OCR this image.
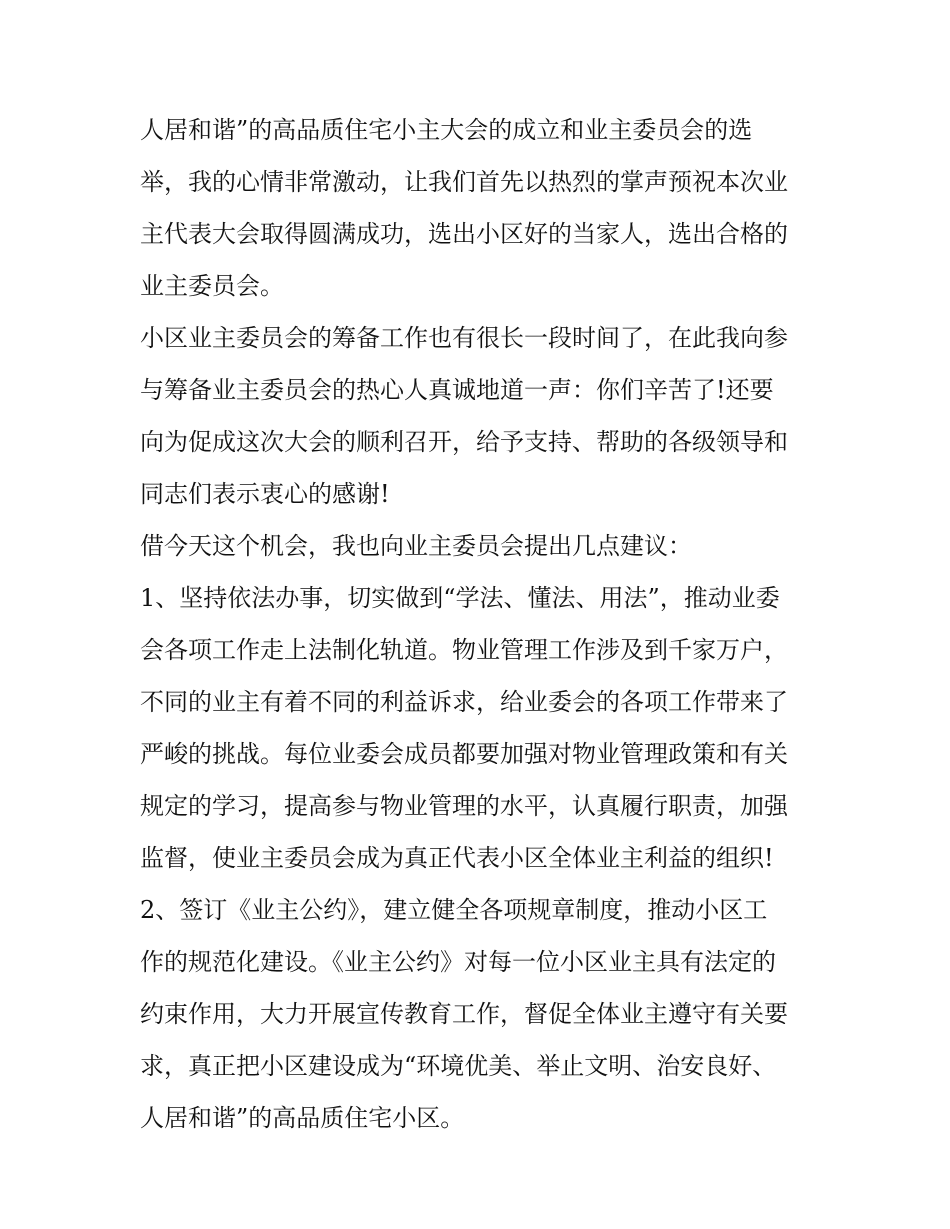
人居和谐”的高品质住宅小主大会的成立和业主委员会的选
举，我的心情非常激动，让我们首先以热烈的掌声预祝本次业
主代表大会取得圆满成功，选出小区好的当家人，选出合格的
业主委员会。
小区业主委员会的筹备工作也有很长一段时间了，在此我向参
与筹备业主委员会的热心人真诚地道一声：你们辛苦了!还要
向为促成这次大会的顺利召开，给予支持、帮助的各级领导和
同志们表示衷心的感谢!
借今天这个机会，我也向业主委员会提出几点建议：
1、坚持依法办事，切实做到“学法、懂法、用法”，推动业委
会各项工作走上法制化轨道。物业管理工作涉及到千家万户，
不同的业主有着不同的利益诉求，给业委会的各项工作带来了
严峻的挑战。每位业委会成员都要加强对物业管理政策和有关
规定的学习，提高参与物业管理的水平，认真履行职责，加强
监督，使业主委员会成为真正代表小区全体业主利益的组织!
2、签订《业主公约》，建立健全各项规章制度，推动小区工
作的规范化建设。《业主公约》对每一位小区业主具有法定的
约束作用，大力开展宣传教育工作，督促全体业主遵守有关要
求，真正把小区建设成为“环境优美、举止文明、治安良好、
人居和谐”的高品质住宅小区。
